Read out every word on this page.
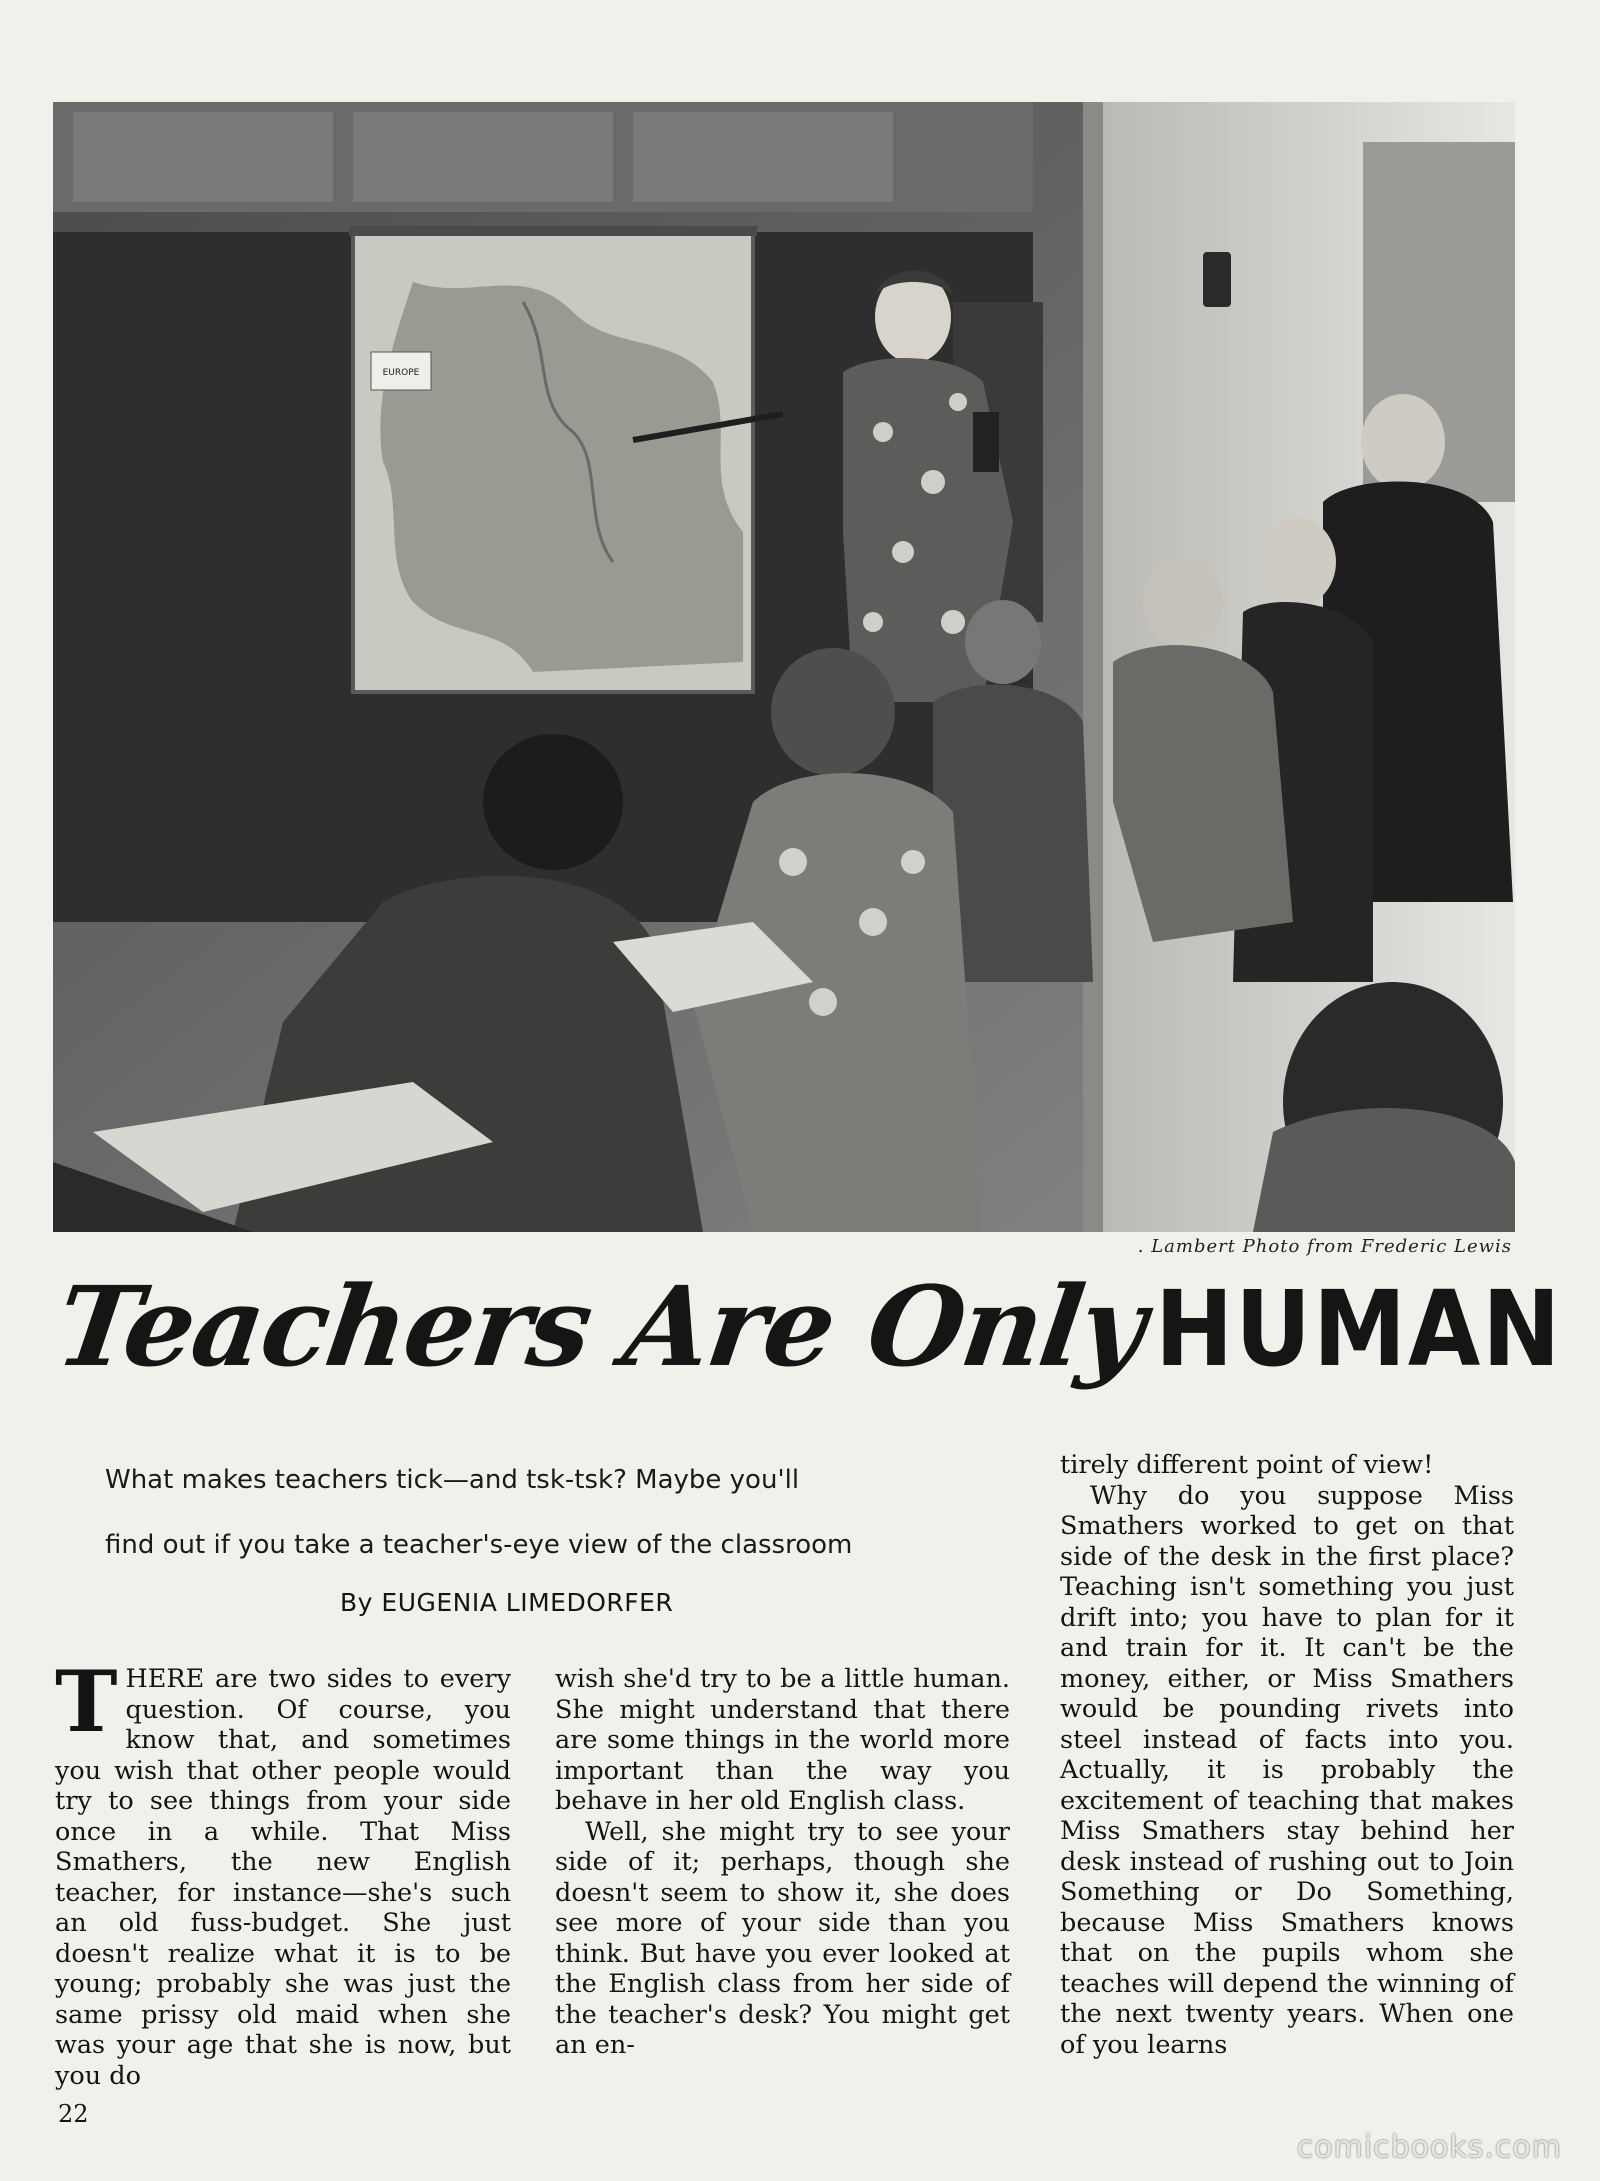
EUROPE
. Lambert Photo from Frederic Lewis
Teachers Are OnlyHUMAN
What makes teachers tick—and tsk-tsk? Maybe you'll
find out if you take a teacher's-eye view of the classroom
By EUGENIA LIMEDORFER

THERE are two sides to every question. Of course, you know that, and sometimes you wish that other people would try to see things from your side once in a while. That Miss Smathers, the new English teacher, for instance—she's such an old fuss-budget. She just doesn't realize what it is to be young; probably she was just the same prissy old maid when she was your age that she is now, but you do

wish she'd try to be a little human. She might understand that there are some things in the world more important than the way you behave in her old English class.

Well, she might try to see your side of it; perhaps, though she doesn't seem to show it, she does see more of your side than you think. But have you ever looked at the English class from her side of the teacher's desk? You might get an en-

tirely different point of view!

Why do you suppose Miss Smathers worked to get on that side of the desk in the first place? Teaching isn't something you just drift into; you have to plan for it and train for it. It can't be the money, either, or Miss Smathers would be pounding rivets into steel instead of facts into you. Actually, it is probably the excitement of teaching that makes Miss Smathers stay behind her desk instead of rushing out to Join Something or Do Something, because Miss Smathers knows that on the pupils whom she teaches will depend the winning of the next twenty years. When one of you learns

22
comicbooks.com
